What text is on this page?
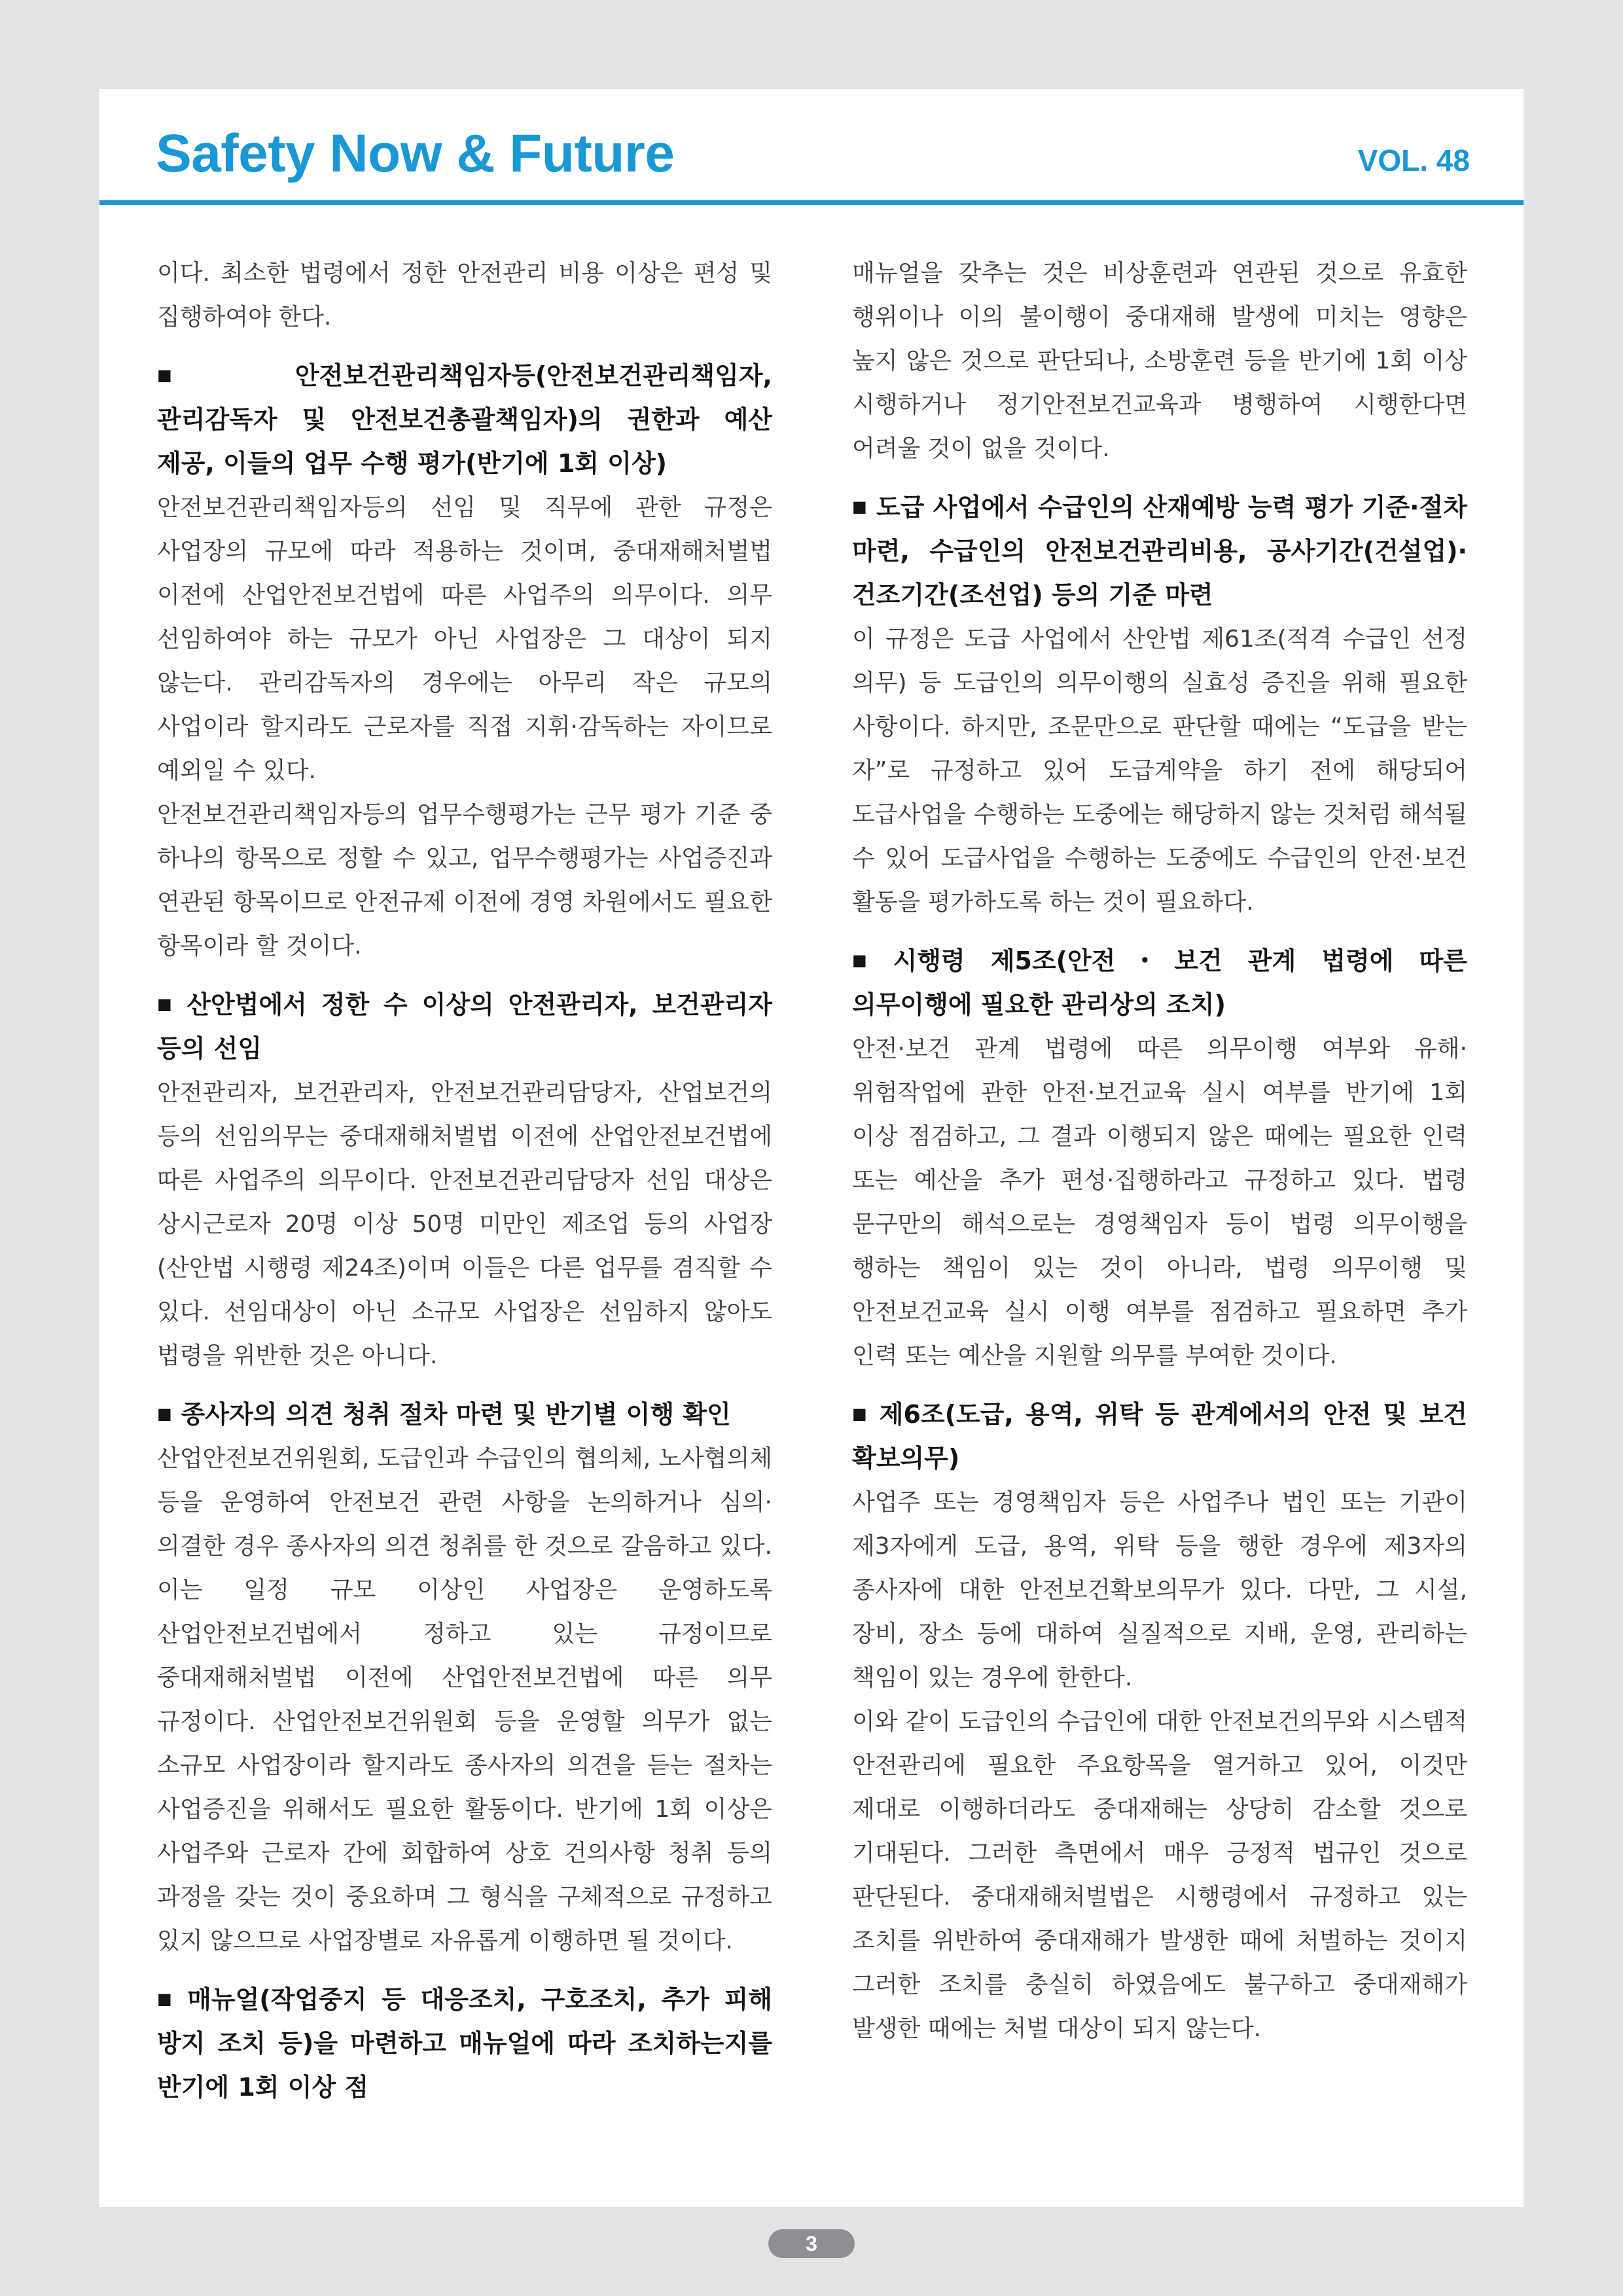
Safety Now & Future	VOL. 48

이다. 최소한 법령에서 정한 안전관리 비용 이상은 편성 및 집행하여야 한다.

■ 안전보건관리책임자등(안전보건관리책임자, 관리감독자 및 안전보건총괄책임자)의 권한과 예산 제공, 이들의 업무 수행 평가(반기에 1회 이상)

안전보건관리책임자등의 선임 및 직무에 관한 규정은 사업장의 규모에 따라 적용하는 것이며, 중대재해처벌법 이전에 산업안전보건법에 따른 사업주의 의무이다. 의무 선임하여야 하는 규모가 아닌 사업장은 그 대상이 되지 않는다. 관리감독자의 경우에는 아무리 작은 규모의 사업이라 할지라도 근로자를 직접 지휘·감독하는 자이므로 예외일 수 있다.

안전보건관리책임자등의 업무수행평가는 근무 평가 기준 중 하나의 항목으로 정할 수 있고, 업무수행평가는 사업증진과 연관된 항목이므로 안전규제 이전에 경영 차원에서도 필요한 항목이라 할 것이다.

■ 산안법에서 정한 수 이상의 안전관리자, 보건관리자 등의 선임

안전관리자, 보건관리자, 안전보건관리담당자, 산업보건의 등의 선임의무는 중대재해처벌법 이전에 산업안전보건법에 따른 사업주의 의무이다. 안전보건관리담당자 선임 대상은 상시근로자 20명 이상 50명 미만인 제조업 등의 사업장(산안법 시행령 제24조)이며 이들은 다른 업무를 겸직할 수 있다. 선임대상이 아닌 소규모 사업장은 선임하지 않아도 법령을 위반한 것은 아니다.

■ 종사자의 의견 청취 절차 마련 및 반기별 이행 확인

산업안전보건위원회, 도급인과 수급인의 협의체, 노사협의체 등을 운영하여 안전보건 관련 사항을 논의하거나 심의·의결한 경우 종사자의 의견 청취를 한 것으로 갈음하고 있다. 이는 일정 규모 이상인 사업장은 운영하도록 산업안전보건법에서 정하고 있는 규정이므로 중대재해처벌법 이전에 산업안전보건법에 따른 의무 규정이다. 산업안전보건위원회 등을 운영할 의무가 없는 소규모 사업장이라 할지라도 종사자의 의견을 듣는 절차는 사업증진을 위해서도 필요한 활동이다. 반기에 1회 이상은 사업주와 근로자 간에 회합하여 상호 건의사항 청취 등의 과정을 갖는 것이 중요하며 그 형식을 구체적으로 규정하고 있지 않으므로 사업장별로 자유롭게 이행하면 될 것이다.

■ 매뉴얼(작업중지 등 대응조치, 구호조치, 추가 피해 방지 조치 등)을 마련하고 매뉴얼에 따라 조치하는지를 반기에 1회 이상 점

매뉴얼을 갖추는 것은 비상훈련과 연관된 것으로 유효한 행위이나 이의 불이행이 중대재해 발생에 미치는 영향은 높지 않은 것으로 판단되나, 소방훈련 등을 반기에 1회 이상 시행하거나 정기안전보건교육과 병행하여 시행한다면 어려울 것이 없을 것이다.

■ 도급 사업에서 수급인의 산재예방 능력 평가 기준·절차 마련, 수급인의 안전보건관리비용, 공사기간(건설업)·건조기간(조선업) 등의 기준 마련

이 규정은 도급 사업에서 산안법 제61조(적격 수급인 선정 의무) 등 도급인의 의무이행의 실효성 증진을 위해 필요한 사항이다. 하지만, 조문만으로 판단할 때에는 “도급을 받는 자”로 규정하고 있어 도급계약을 하기 전에 해당되어 도급사업을 수행하는 도중에는 해당하지 않는 것처럼 해석될 수 있어 도급사업을 수행하는 도중에도 수급인의 안전·보건 활동을 평가하도록 하는 것이 필요하다.

■ 시행령 제5조(안전・보건 관계 법령에 따른 의무이행에 필요한 관리상의 조치)

안전·보건 관계 법령에 따른 의무이행 여부와 유해·위험작업에 관한 안전·보건교육 실시 여부를 반기에 1회 이상 점검하고, 그 결과 이행되지 않은 때에는 필요한 인력 또는 예산을 추가 편성·집행하라고 규정하고 있다. 법령 문구만의 해석으로는 경영책임자 등이 법령 의무이행을 행하는 책임이 있는 것이 아니라, 법령 의무이행 및 안전보건교육 실시 이행 여부를 점검하고 필요하면 추가 인력 또는 예산을 지원할 의무를 부여한 것이다.

■ 제6조(도급, 용역, 위탁 등 관계에서의 안전 및 보건 확보의무)

사업주 또는 경영책임자 등은 사업주나 법인 또는 기관이 제3자에게 도급, 용역, 위탁 등을 행한 경우에 제3자의 종사자에 대한 안전보건확보의무가 있다. 다만, 그 시설, 장비, 장소 등에 대하여 실질적으로 지배, 운영, 관리하는 책임이 있는 경우에 한한다.

이와 같이 도급인의 수급인에 대한 안전보건의무와 시스템적 안전관리에 필요한 주요항목을 열거하고 있어, 이것만 제대로 이행하더라도 중대재해는 상당히 감소할 것으로 기대된다. 그러한 측면에서 매우 긍정적 법규인 것으로 판단된다. 중대재해처벌법은 시행령에서 규정하고 있는 조치를 위반하여 중대재해가 발생한 때에 처벌하는 것이지 그러한 조치를 충실히 하였음에도 불구하고 중대재해가 발생한 때에는 처벌 대상이 되지 않는다.

3
